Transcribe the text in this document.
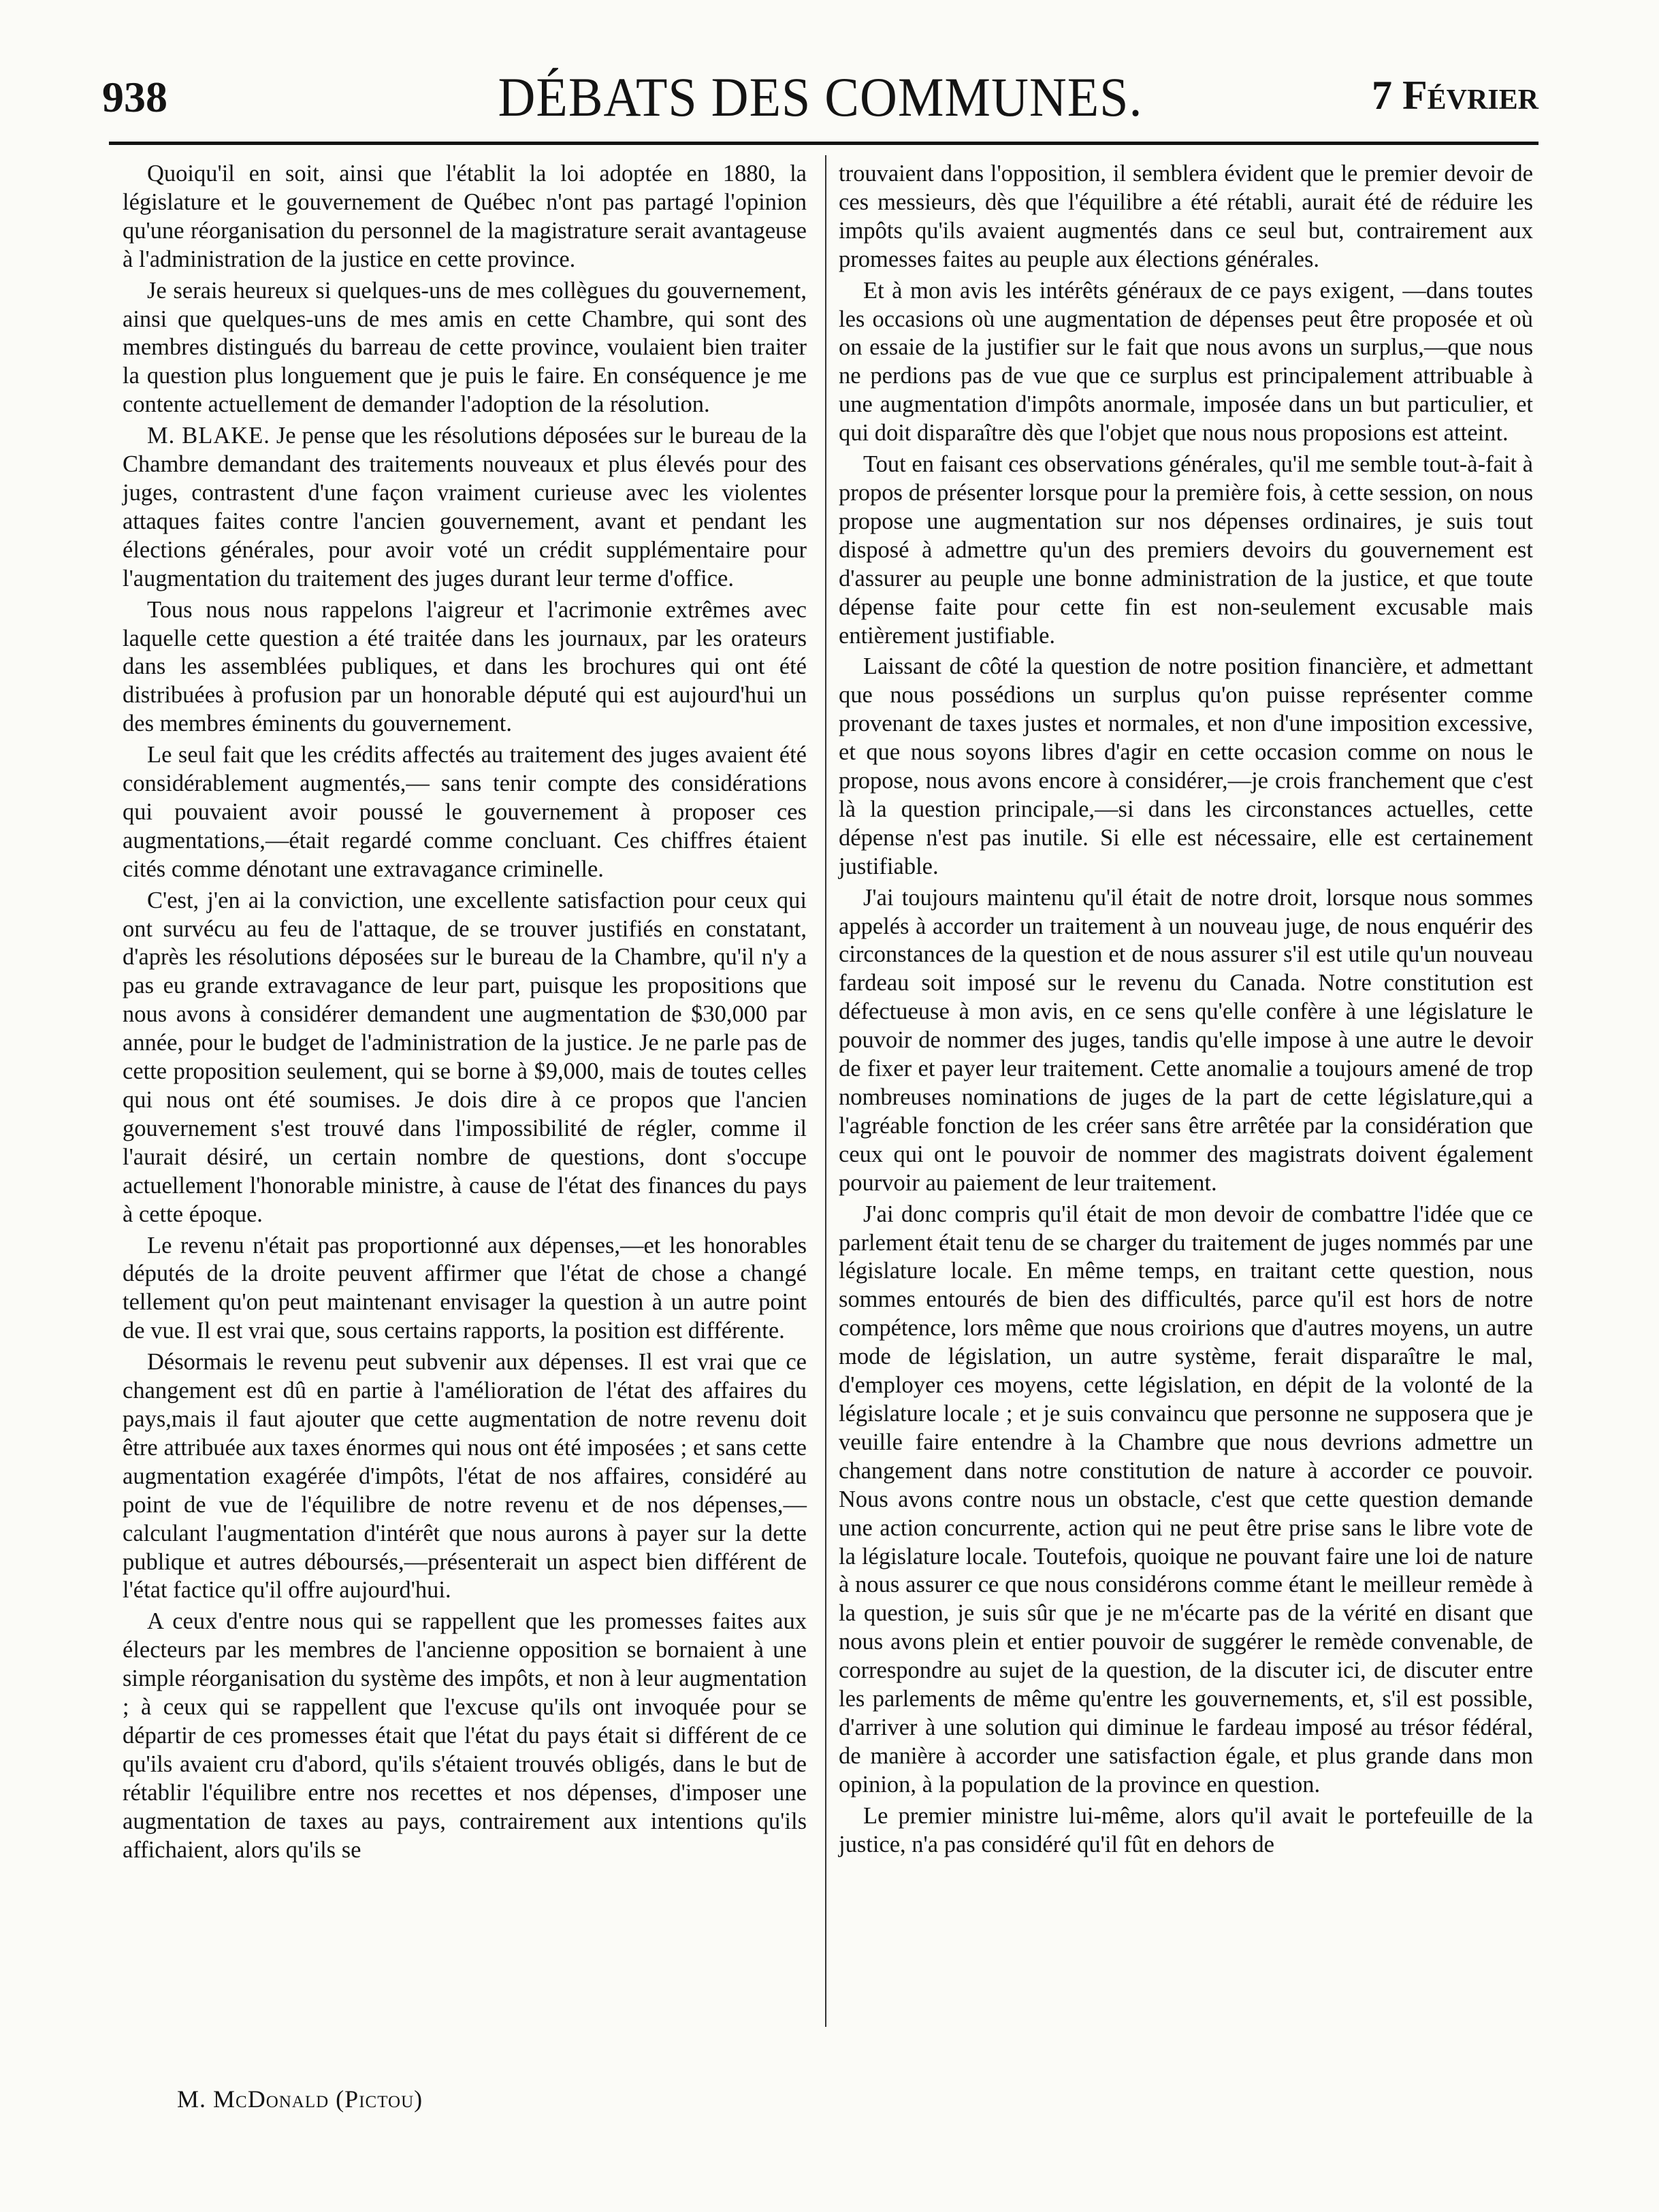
938	DÉBATS DES COMMUNES.	7 Février

Quoiqu'il en soit, ainsi que l'établit la loi adoptée en 1880, la législature et le gouvernement de Québec n'ont pas partagé l'opinion qu'une réorganisation du personnel de la magistrature serait avantageuse à l'administration de la justice en cette province.

Je serais heureux si quelques-uns de mes collègues du gouvernement, ainsi que quelques-uns de mes amis en cette Chambre, qui sont des membres distingués du barreau de cette province, voulaient bien traiter la question plus longuement que je puis le faire. En conséquence je me contente actuellement de demander l'adoption de la résolution.

M. BLAKE. Je pense que les résolutions déposées sur le bureau de la Chambre demandant des traitements nouveaux et plus élevés pour des juges, contrastent d'une façon vraiment curieuse avec les violentes attaques faites contre l'ancien gouvernement, avant et pendant les élections générales, pour avoir voté un crédit supplémentaire pour l'augmentation du traitement des juges durant leur terme d'office.

Tous nous nous rappelons l'aigreur et l'acrimonie extrêmes avec laquelle cette question a été traitée dans les journaux, par les orateurs dans les assemblées publiques, et dans les brochures qui ont été distribuées à profusion par un honorable député qui est aujourd'hui un des membres éminents du gouvernement.

Le seul fait que les crédits affectés au traitement des juges avaient été considérablement augmentés,— sans tenir compte des considérations qui pouvaient avoir poussé le gouvernement à proposer ces augmentations,—était regardé comme concluant. Ces chiffres étaient cités comme dénotant une extravagance criminelle.

C'est, j'en ai la conviction, une excellente satisfaction pour ceux qui ont survécu au feu de l'attaque, de se trouver justifiés en constatant, d'après les résolutions déposées sur le bureau de la Chambre, qu'il n'y a pas eu grande extravagance de leur part, puisque les propositions que nous avons à considérer demandent une augmentation de $30,000 par année, pour le budget de l'administration de la justice. Je ne parle pas de cette proposition seulement, qui se borne à $9,000, mais de toutes celles qui nous ont été soumises. Je dois dire à ce propos que l'ancien gouvernement s'est trouvé dans l'impossibilité de régler, comme il l'aurait désiré, un certain nombre de questions, dont s'occupe actuellement l'honorable ministre, à cause de l'état des finances du pays à cette époque.

Le revenu n'était pas proportionné aux dépenses,—et les honorables députés de la droite peuvent affirmer que l'état de chose a changé tellement qu'on peut maintenant envisager la question à un autre point de vue. Il est vrai que, sous certains rapports, la position est différente.

Désormais le revenu peut subvenir aux dépenses. Il est vrai que ce changement est dû en partie à l'amélioration de l'état des affaires du pays,mais il faut ajouter que cette augmentation de notre revenu doit être attribuée aux taxes énormes qui nous ont été imposées ; et sans cette augmentation exagérée d'impôts, l'état de nos affaires, considéré au point de vue de l'équilibre de notre revenu et de nos dépenses,—calculant l'augmentation d'intérêt que nous aurons à payer sur la dette publique et autres déboursés,—présenterait un aspect bien différent de l'état factice qu'il offre aujourd'hui.

A ceux d'entre nous qui se rappellent que les promesses faites aux électeurs par les membres de l'ancienne opposition se bornaient à une simple réorganisation du système des impôts, et non à leur augmentation ; à ceux qui se rappellent que l'excuse qu'ils ont invoquée pour se départir de ces promesses était que l'état du pays était si différent de ce qu'ils avaient cru d'abord, qu'ils s'étaient trouvés obligés, dans le but de rétablir l'équilibre entre nos recettes et nos dépenses, d'imposer une augmentation de taxes au pays, contrairement aux intentions qu'ils affichaient, alors qu'ils se

trouvaient dans l'opposition, il semblera évident que le premier devoir de ces messieurs, dès que l'équilibre a été rétabli, aurait été de réduire les impôts qu'ils avaient augmentés dans ce seul but, contrairement aux promesses faites au peuple aux élections générales.

Et à mon avis les intérêts généraux de ce pays exigent, —dans toutes les occasions où une augmentation de dépenses peut être proposée et où on essaie de la justifier sur le fait que nous avons un surplus,—que nous ne perdions pas de vue que ce surplus est principalement attribuable à une augmentation d'impôts anormale, imposée dans un but particulier, et qui doit disparaître dès que l'objet que nous nous proposions est atteint.

Tout en faisant ces observations générales, qu'il me semble tout-à-fait à propos de présenter lorsque pour la première fois, à cette session, on nous propose une augmentation sur nos dépenses ordinaires, je suis tout disposé à admettre qu'un des premiers devoirs du gouvernement est d'assurer au peuple une bonne administration de la justice, et que toute dépense faite pour cette fin est non-seulement excusable mais entièrement justifiable.

Laissant de côté la question de notre position financière, et admettant que nous possédions un surplus qu'on puisse représenter comme provenant de taxes justes et normales, et non d'une imposition excessive, et que nous soyons libres d'agir en cette occasion comme on nous le propose, nous avons encore à considérer,—je crois franchement que c'est là la question principale,—si dans les circonstances actuelles, cette dépense n'est pas inutile. Si elle est nécessaire, elle est certainement justifiable.

J'ai toujours maintenu qu'il était de notre droit, lorsque nous sommes appelés à accorder un traitement à un nouveau juge, de nous enquérir des circonstances de la question et de nous assurer s'il est utile qu'un nouveau fardeau soit imposé sur le revenu du Canada. Notre constitution est défectueuse à mon avis, en ce sens qu'elle confère à une législature le pouvoir de nommer des juges, tandis qu'elle impose à une autre le devoir de fixer et payer leur traitement. Cette anomalie a toujours amené de trop nombreuses nominations de juges de la part de cette législature,qui a l'agréable fonction de les créer sans être arrêtée par la considération que ceux qui ont le pouvoir de nommer des magistrats doivent également pourvoir au paiement de leur traitement.

J'ai donc compris qu'il était de mon devoir de combattre l'idée que ce parlement était tenu de se charger du traitement de juges nommés par une législature locale. En même temps, en traitant cette question, nous sommes entourés de bien des difficultés, parce qu'il est hors de notre compétence, lors même que nous croirions que d'autres moyens, un autre mode de législation, un autre système, ferait disparaître le mal, d'employer ces moyens, cette législation, en dépit de la volonté de la législature locale ; et je suis convaincu que personne ne supposera que je veuille faire entendre à la Chambre que nous devrions admettre un changement dans notre constitution de nature à accorder ce pouvoir. Nous avons contre nous un obstacle, c'est que cette question demande une action concurrente, action qui ne peut être prise sans le libre vote de la législature locale. Toutefois, quoique ne pouvant faire une loi de nature à nous assurer ce que nous considérons comme étant le meilleur remède à la question, je suis sûr que je ne m'écarte pas de la vérité en disant que nous avons plein et entier pouvoir de suggérer le remède convenable, de correspondre au sujet de la question, de la discuter ici, de discuter entre les parlements de même qu'entre les gouvernements, et, s'il est possible, d'arriver à une solution qui diminue le fardeau imposé au trésor fédéral, de manière à accorder une satisfaction égale, et plus grande dans mon opinion, à la population de la province en question.

Le premier ministre lui-même, alors qu'il avait le portefeuille de la justice, n'a pas considéré qu'il fût en dehors de

M. McDonald (Pictou)
